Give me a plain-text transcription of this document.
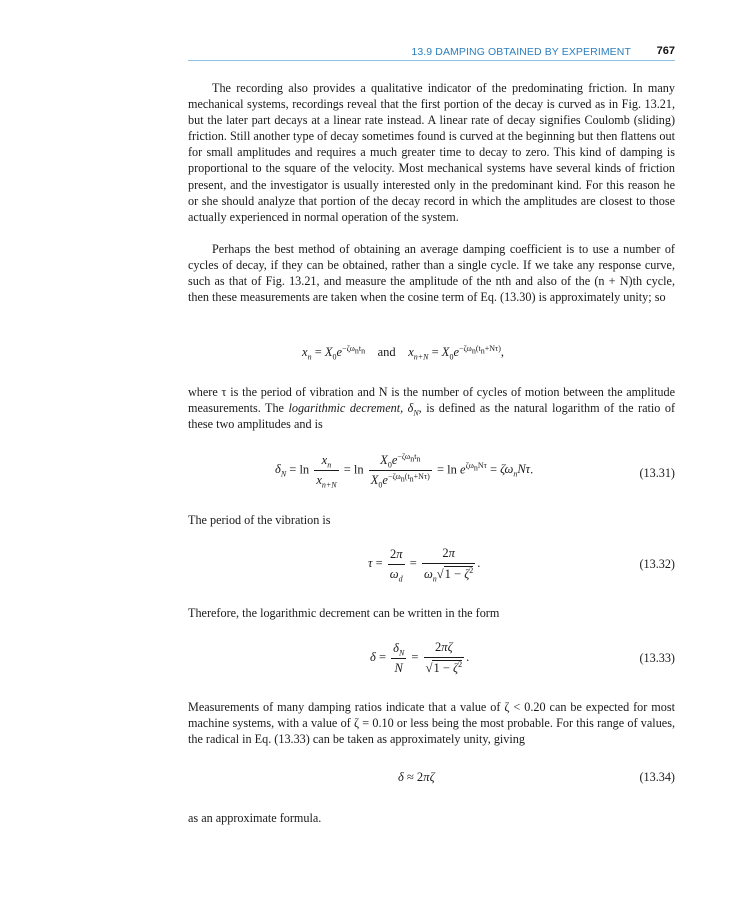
13.9 DAMPING OBTAINED BY EXPERIMENT 767

The recording also provides a qualitative indicator of the predominating friction. In many mechanical systems, recordings reveal that the first portion of the decay is curved as in Fig. 13.21, but the later part decays at a linear rate instead. A linear rate of decay signifies Coulomb (sliding) friction. Still another type of decay sometimes found is curved at the beginning but then flattens out for small amplitudes and requires a much greater time to decay to zero. This kind of damping is proportional to the square of the velocity. Most mechanical systems have several kinds of friction present, and the investigator is usually interested only in the predominant kind. For this reason he or she should analyze that portion of the decay record in which the amplitudes are closest to those actually experienced in normal operation of the system.

Perhaps the best method of obtaining an average damping coefficient is to use a number of cycles of decay, if they can be obtained, rather than a single cycle. If we take any response curve, such as that of Fig. 13.21, and measure the amplitude of the nth and also of the (n + N)th cycle, then these measurements are taken when the cosine term of Eq. (13.30) is approximately unity; so

$x_n = X_0e^{-\zeta\omega_nt_n}$ and $x_{n+N} = X_0e^{-\zeta\omega_n(t_n+N\tau)}$,

where τ is the period of vibration and N is the number of cycles of motion between the amplitude measurements. The logarithmic decrement, $\delta_N$, is defined as the natural logarithm of the ratio of these two amplitudes and is

$\delta_N = \ln \frac{x_n}{x_{n+N}} = \ln \frac{X_0e^{-\zeta\omega_nt_n}}{X_0e^{-\zeta\omega_n(t_n+N\tau)}} = \ln e^{\zeta\omega_nN\tau} = \zeta\omega_nN\tau$.	(13.31)

The period of the vibration is

$\tau = \frac{2\pi}{\omega_d} = \frac{2\pi}{\omega_n√1 - \zeta^2}$ .	(13.32)

Therefore, the logarithmic decrement can be written in the form

$\delta = \frac{\delta_N}{N} = \frac{2\pi\zeta}{√1 - \zeta^2}$ .	(13.33)

Measurements of many damping ratios indicate that a value of ζ < 0.20 can be expected for most machine systems, with a value of ζ = 0.10 or less being the most probable. For this range of values, the radical in Eq. (13.33) can be taken as approximately unity, giving

δ ≈ 2πζ	(13.34)

as an approximate formula.
